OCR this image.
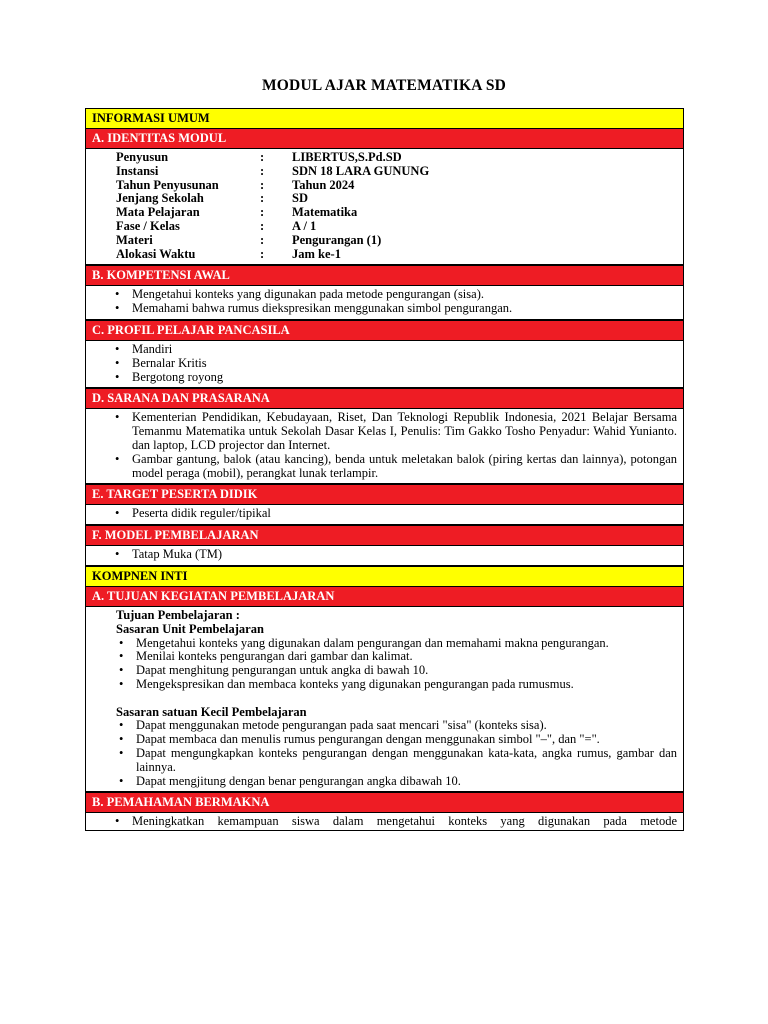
MODUL AJAR MATEMATIKA SD
INFORMASI UMUM
A. IDENTITAS MODUL
Penyusun	:	LIBERTUS,S.Pd.SD
Instansi	:	SDN 18 LARA GUNUNG
Tahun Penyusunan	:	Tahun 2024
Jenjang Sekolah	:	SD
Mata Pelajaran	:	Matematika
Fase / Kelas	:	A / 1
Materi	:	Pengurangan (1)
Alokasi Waktu	:	Jam ke-1
B. KOMPETENSI AWAL
• Mengetahui konteks yang digunakan pada metode pengurangan (sisa).
• Memahami bahwa rumus diekspresikan menggunakan simbol pengurangan.
C. PROFIL PELAJAR PANCASILA
• Mandiri
• Bernalar Kritis
• Bergotong royong
D. SARANA DAN PRASARANA
• Kementerian Pendidikan, Kebudayaan, Riset, Dan Teknologi Republik Indonesia, 2021 Belajar Bersama Temanmu Matematika untuk Sekolah Dasar Kelas I, Penulis: Tim Gakko Tosho Penyadur: Wahid Yunianto. dan laptop, LCD projector dan Internet.
• Gambar gantung, balok (atau kancing), benda untuk meletakan balok (piring kertas dan lainnya), potongan model peraga (mobil), perangkat lunak terlampir.
E. TARGET PESERTA DIDIK
• Peserta didik reguler/tipikal
F. MODEL PEMBELAJARAN
• Tatap Muka (TM)
KOMPNEN INTI
A. TUJUAN KEGIATAN PEMBELAJARAN
Tujuan Pembelajaran :
Sasaran Unit Pembelajaran
• Mengetahui konteks yang digunakan dalam pengurangan dan memahami makna pengurangan.
• Menilai konteks pengurangan dari gambar dan kalimat.
• Dapat menghitung pengurangan untuk angka di bawah 10.
• Mengekspresikan dan membaca konteks yang digunakan pengurangan pada rumusmus.
Sasaran satuan Kecil Pembelajaran
• Dapat menggunakan metode pengurangan pada saat mencari "sisa" (konteks sisa).
• Dapat membaca dan menulis rumus pengurangan dengan menggunakan simbol "–", dan "=".
• Dapat mengungkapkan konteks pengurangan dengan menggunakan kata-kata, angka rumus, gambar dan lainnya.
• Dapat mengjitung dengan benar pengurangan angka dibawah 10.
B. PEMAHAMAN BERMAKNA
• Meningkatkan kemampuan siswa dalam mengetahui konteks yang digunakan pada metode
